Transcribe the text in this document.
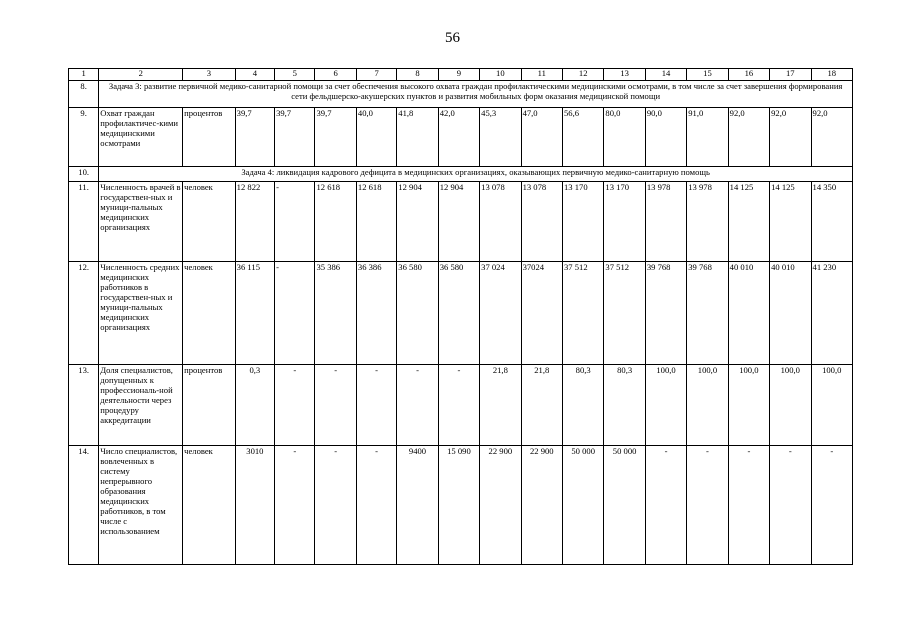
56
1	2	3	4	5	6	7	8	9	10	11	12	13	14	15	16	17	18
8.	Задача 3: развитие первичной медико-санитарной помощи за счет обеспечения высокого охвата граждан профилактическими медицинскими осмотрами, в том числе за счет завершения формирования сети фельдшерско-акушерских пунктов и развития мобильных форм оказания медицинской помощи																
9.	Охват граждан профилактичес-кими медицинскими осмотрами	процентов	39,7	39,7	39,7	40,0	41,8	42,0	45,3	47,0	56,6	80,0	90,0	91,0	92,0	92,0	92,0
10.	Задача 4: ликвидация кадрового дефицита в медицинских организациях, оказывающих первичную медико-санитарную помощь																
11.	Численность врачей в государствен-ных и муници-пальных медицинских организациях	человек	12 822	-	12 618	12 618	12 904	12 904	13 078	13 078	13 170	13 170	13 978	13 978	14 125	14 125	14 350
12.	Численность средних медицинских работников в государствен-ных и муници-пальных медицинских организациях	человек	36 115	-	35 386	36 386	36 580	36 580	37 024	37024	37 512	37 512	39 768	39 768	40 010	40 010	41 230
13.	Доля специалистов, допущенных к профессиональ-ной деятельности через процедуру аккредитации	процентов	0,3	-	-	-	-	-	21,8	21,8	80,3	80,3	100,0	100,0	100,0	100,0	100,0
14.	Число специалистов, вовлеченных в систему непрерывного образования медицинских работников, в том числе с использованием	человек	3010	-	-	-	9400	15 090	22 900	22 900	50 000	50 000	-	-	-	-	-
